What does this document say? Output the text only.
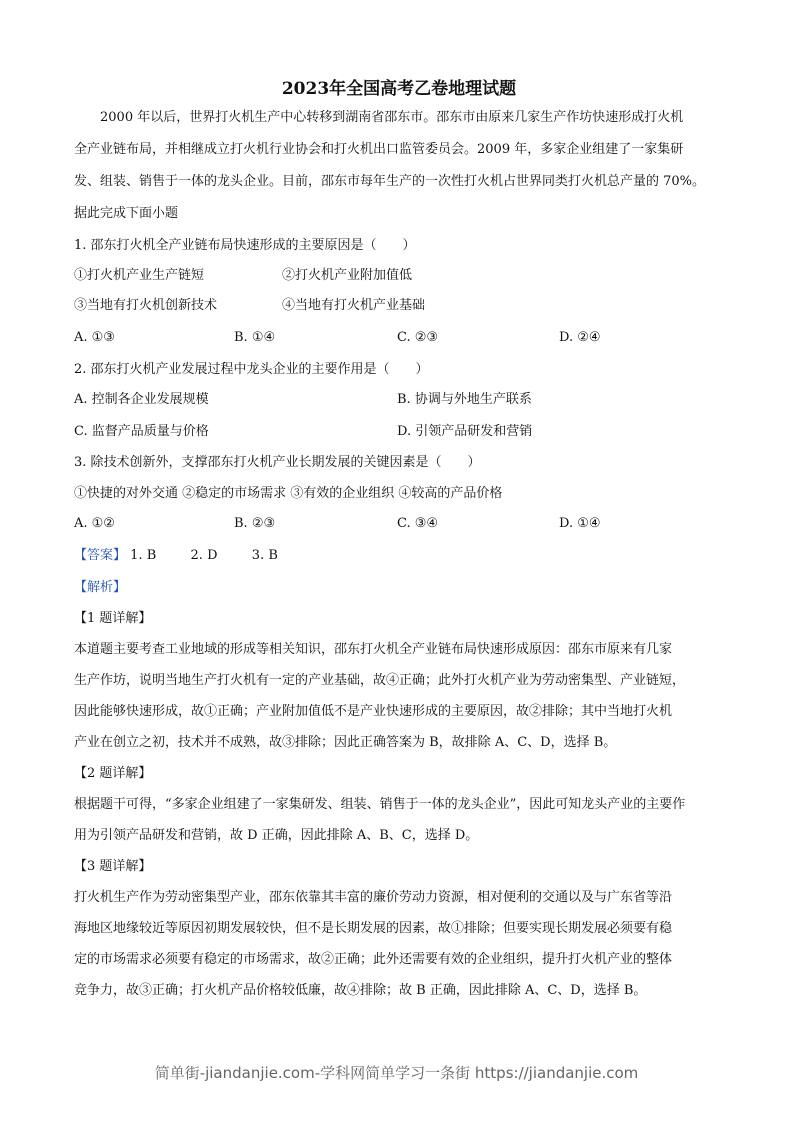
2023年全国高考乙卷地理试题
2000 年以后，世界打火机生产中心转移到湖南省邵东市。邵东市由原来几家生产作坊快速形成打火机
全产业链布局，并相继成立打火机行业协会和打火机出口监管委员会。2009 年，多家企业组建了一家集研
发、组装、销售于一体的龙头企业。目前，邵东市每年生产的一次性打火机占世界同类打火机总产量的 70%。
据此完成下面小题
1. 邵东打火机全产业链布局快速形成的主要原因是（　　）
①打火机产业生产链短	②打火机产业附加值低
③当地有打火机创新技术	④当地有打火机产业基础
A. ①③	B. ①④	C. ②③	D. ②④
2. 邵东打火机产业发展过程中龙头企业的主要作用是（　　）
A. 控制各企业发展规模	B. 协调与外地生产联系
C. 监督产品质量与价格	D. 引领产品研发和营销
3. 除技术创新外，支撑邵东打火机产业长期发展的关键因素是（　　）
①快捷的对外交通 ②稳定的市场需求 ③有效的企业组织 ④较高的产品价格
A. ①②	B. ②③	C. ③④	D. ①④
【答案】 1. B	2. D	3. B
【解析】
【1 题详解】
本道题主要考查工业地域的形成等相关知识，邵东打火机全产业链布局快速形成原因：邵东市原来有几家
生产作坊，说明当地生产打火机有一定的产业基础，故④正确；此外打火机产业为劳动密集型、产业链短，
因此能够快速形成，故①正确；产业附加值低不是产业快速形成的主要原因，故②排除；其中当地打火机
产业在创立之初，技术并不成熟，故③排除；因此正确答案为 B，故排除 A、C、D，选择 B。
【2 题详解】
根据题干可得，“多家企业组建了一家集研发、组装、销售于一体的龙头企业”，因此可知龙头产业的主要作
用为引领产品研发和营销，故 D 正确，因此排除 A、B、C，选择 D。
【3 题详解】
打火机生产作为劳动密集型产业，邵东依靠其丰富的廉价劳动力资源，相对便利的交通以及与广东省等沿
海地区地缘较近等原因初期发展较快，但不是长期发展的因素，故①排除；但要实现长期发展必须要有稳
定的市场需求必须要有稳定的市场需求，故②正确；此外还需要有效的企业组织，提升打火机产业的整体
竞争力，故③正确；打火机产品价格较低廉，故④排除；故 B 正确，因此排除 A、C、D，选择 B。
简单街-jiandanjie.com-学科网简单学习一条街 https://jiandanjie.com
